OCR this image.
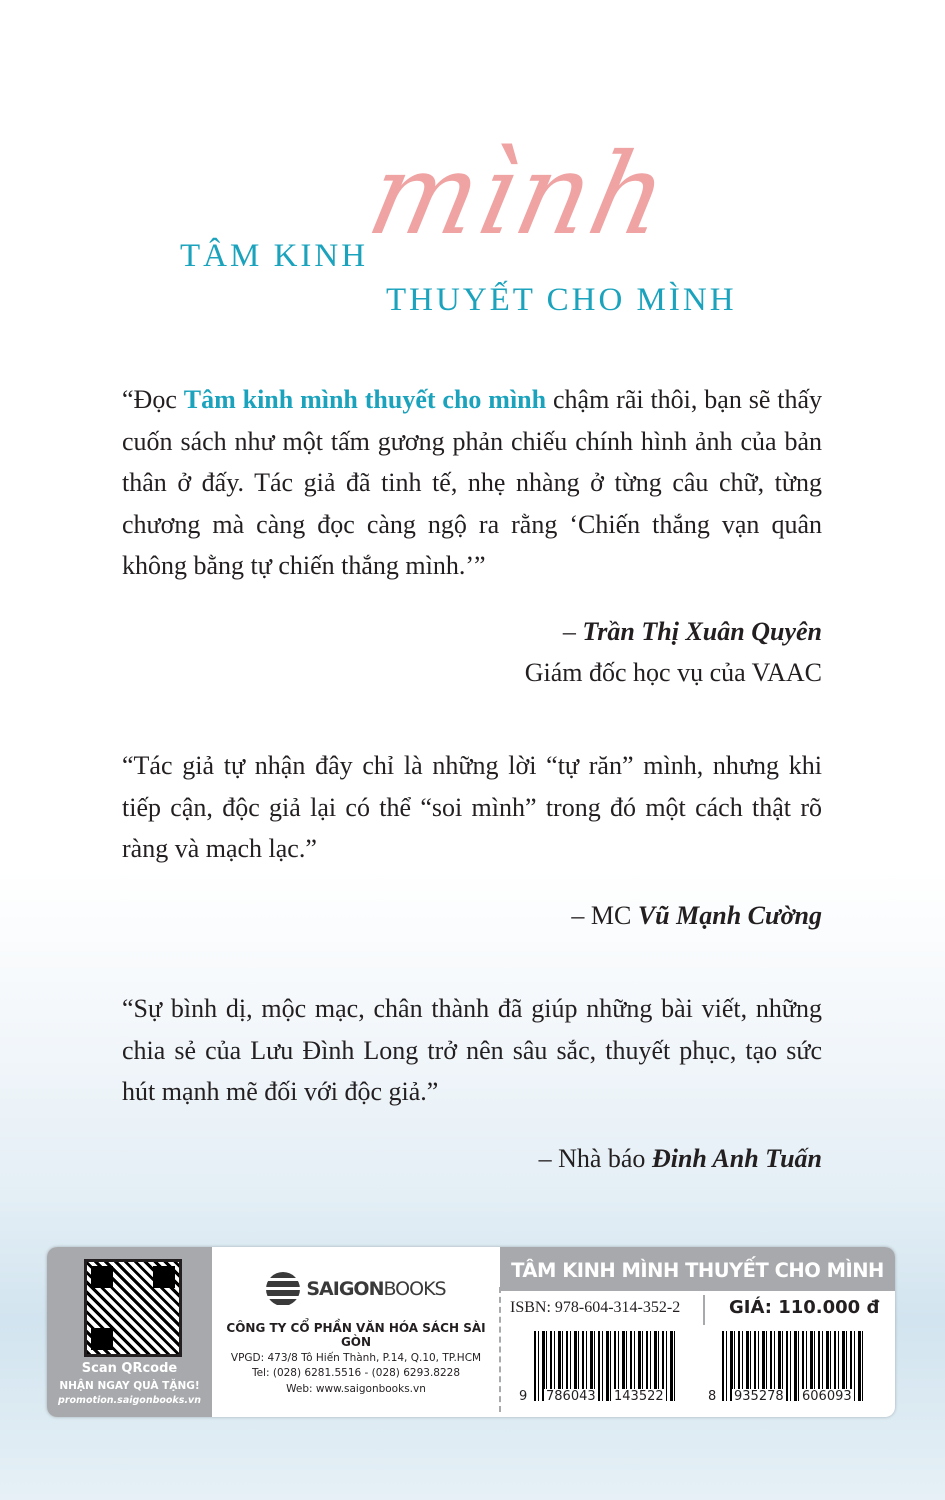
TÂM KINH
mình
THUYẾT CHO MÌNH
“Đọc Tâm kinh mình thuyết cho mình chậm rãi thôi, bạn sẽ thấy cuốn sách như một tấm gương phản chiếu chính hình ảnh của bản thân ở đấy. Tác giả đã tinh tế, nhẹ nhàng ở từng câu chữ, từng chương mà càng đọc càng ngộ ra rằng ‘Chiến thắng vạn quân không bằng tự chiến thắng mình.’”
– Trần Thị Xuân Quyên
Giám đốc học vụ của VAAC
“Tác giả tự nhận đây chỉ là những lời “tự răn” mình, nhưng khi tiếp cận, độc giả lại có thể “soi mình” trong đó một cách thật rõ ràng và mạch lạc.”
– MC Vũ Mạnh Cường
“Sự bình dị, mộc mạc, chân thành đã giúp những bài viết, những chia sẻ của Lưu Đình Long trở nên sâu sắc, thuyết phục, tạo sức hút mạnh mẽ đối với độc giả.”
– Nhà báo Đinh Anh Tuấn
Scan QRcode
NHẬN NGAY QUÀ TẶNG!
promotion.saigonbooks.vn
SAIGONBOOKS
CÔNG TY CỔ PHẦN VĂN HÓA SÁCH SÀI GÒN
VPGD: 473/8 Tô Hiến Thành, P.14, Q.10, TP.HCM
Tel: (028) 6281.5516 - (028) 6293.8228
Web: www.saigonbooks.vn
TÂM KINH MÌNH THUYẾT CHO MÌNH
ISBN: 978-604-314-352-2	GIÁ: 110.000 đ
9 786043 143522	8 935278 606093
